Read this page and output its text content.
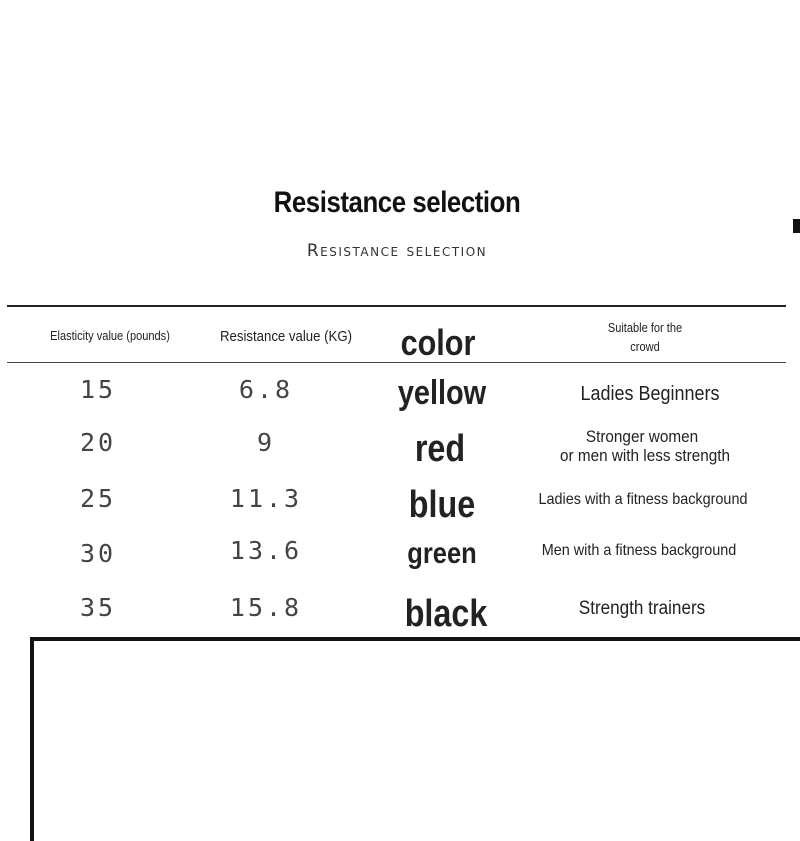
Resistance selection
Resistance selection
Elasticity value (pounds)	Resistance value (KG)	color	Suitable for the
crowd
15	6.8	yellow	Ladies Beginners
20	9	red	Stronger women
or men with less strength
25	11.3	blue	Ladies with a fitness background
30	13.6	green	Men with a fitness background
35	15.8	black	Strength trainers
